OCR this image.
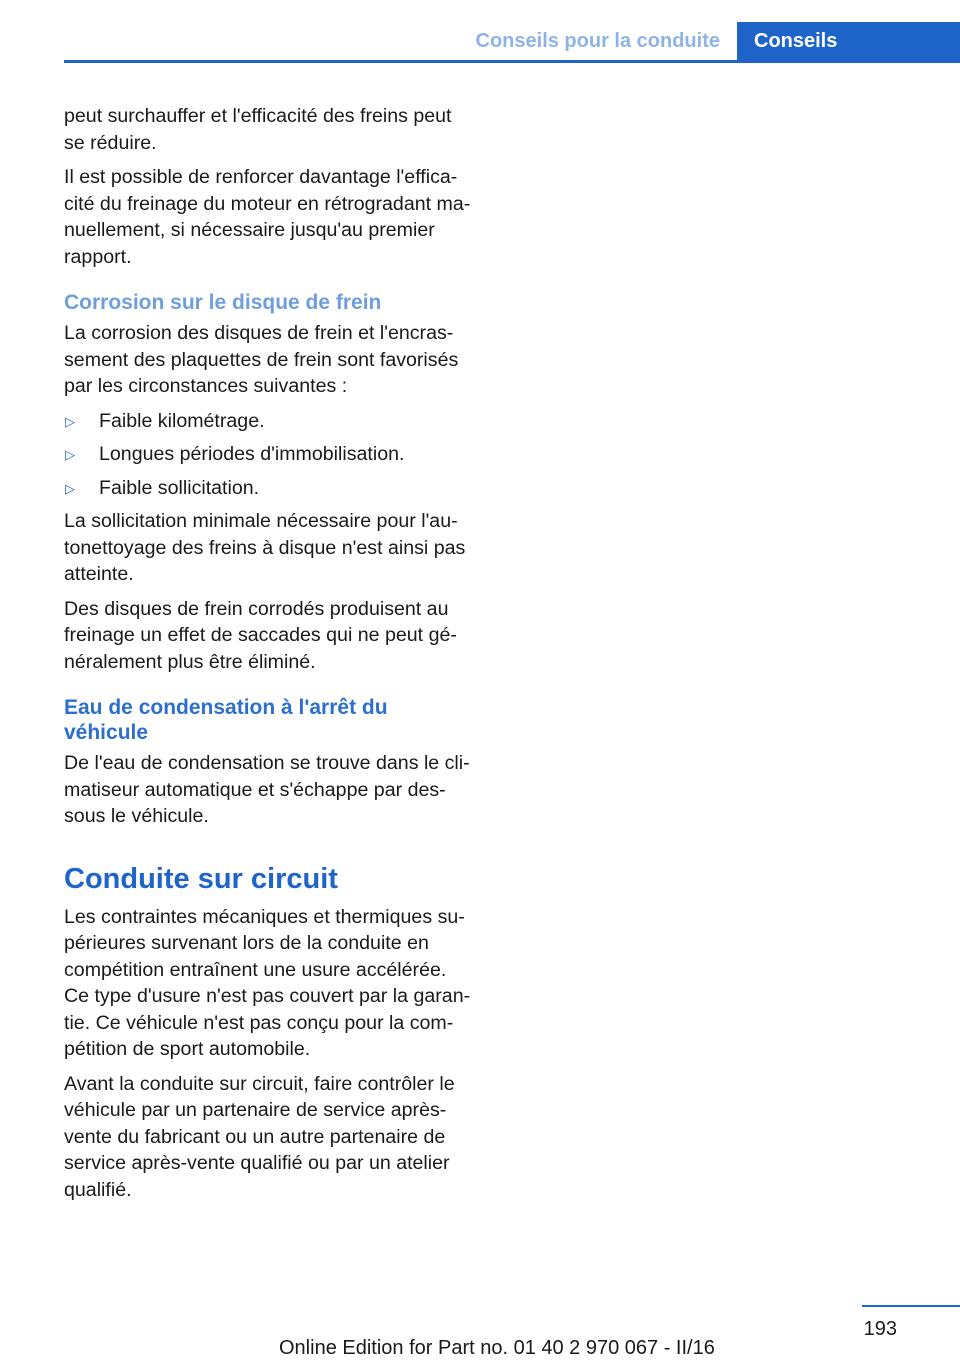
Conseils pour la conduite	Conseils

peut surchauffer et l'efficacité des freins peut
se réduire.

Il est possible de renforcer davantage l'effica‐
cité du freinage du moteur en rétrogradant ma‐
nuellement, si nécessaire jusqu'au premier
rapport.

Corrosion sur le disque de frein

La corrosion des disques de frein et l'encras‐
sement des plaquettes de frein sont favorisés
par les circonstances suivantes :

▷ Faible kilométrage.
▷ Longues périodes d'immobilisation.
▷ Faible sollicitation.

La sollicitation minimale nécessaire pour l'au‐
tonettoyage des freins à disque n'est ainsi pas
atteinte.

Des disques de frein corrodés produisent au
freinage un effet de saccades qui ne peut gé‐
néralement plus être éliminé.

Eau de condensation à l'arrêt du
véhicule

De l'eau de condensation se trouve dans le cli‐
matiseur automatique et s'échappe par des‐
sous le véhicule.

Conduite sur circuit

Les contraintes mécaniques et thermiques su‐
périeures survenant lors de la conduite en
compétition entraînent une usure accélérée.
Ce type d'usure n'est pas couvert par la garan‐
tie. Ce véhicule n'est pas conçu pour la com‐
pétition de sport automobile.

Avant la conduite sur circuit, faire contrôler le
véhicule par un partenaire de service après-
vente du fabricant ou un autre partenaire de
service après-vente qualifié ou par un atelier
qualifié.

193
Online Edition for Part no. 01 40 2 970 067 - II/16
